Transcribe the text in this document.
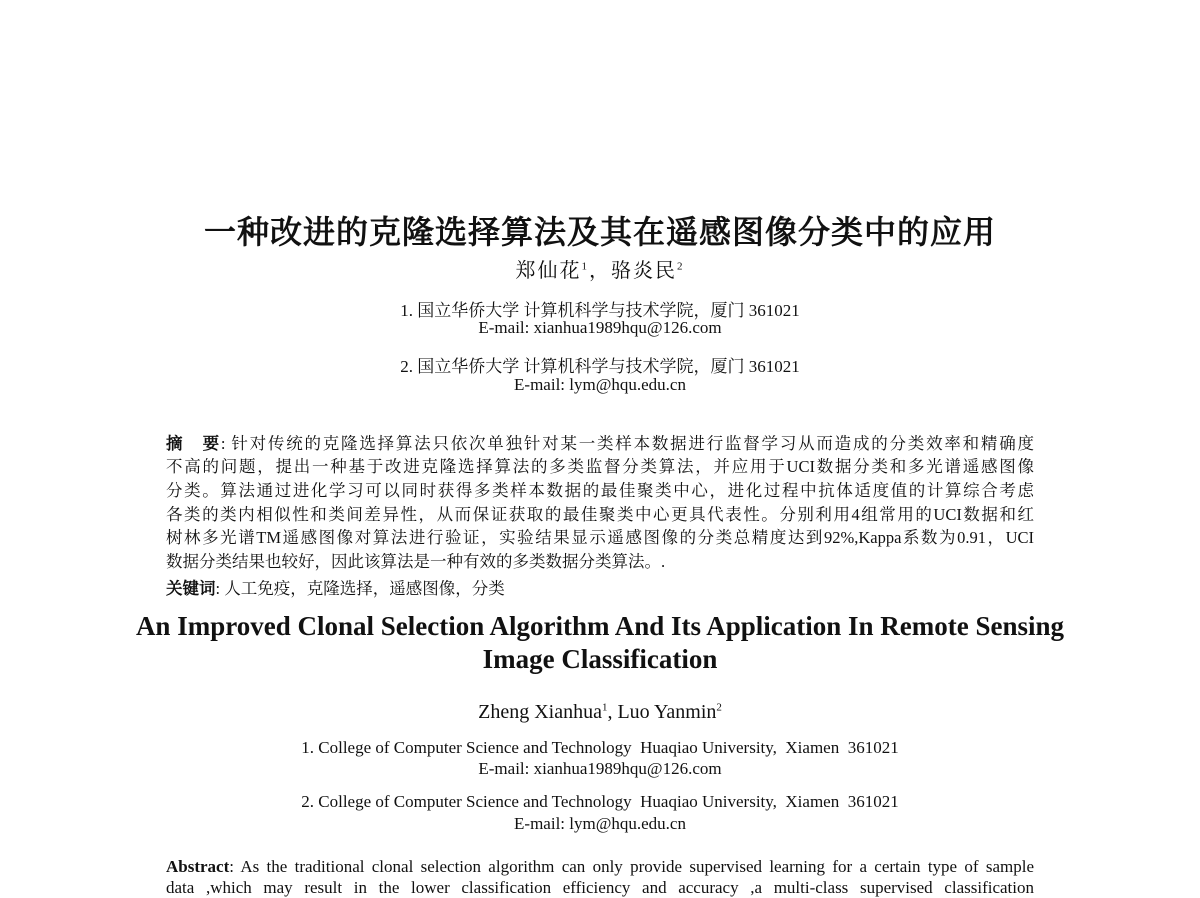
一种改进的克隆选择算法及其在遥感图像分类中的应用
郑仙花$^1$，骆炎民$^2$
1. 国立华侨大学 计算机科学与技术学院，厦门 361021
E-mail: xianhua1989hqu@126.com
2. 国立华侨大学 计算机科学与技术学院，厦门 361021
E-mail: lym@hqu.edu.cn
摘　要: 针对传统的克隆选择算法只依次单独针对某一类样本数据进行监督学习从而造成的分类效率和精确度
不高的问题，提出一种基于改进克隆选择算法的多类监督分类算法，并应用于UCI数据分类和多光谱遥感图像
分类。算法通过进化学习可以同时获得多类样本数据的最佳聚类中心，进化过程中抗体适度值的计算综合考虑
各类的类内相似性和类间差异性，从而保证获取的最佳聚类中心更具代表性。分别利用4组常用的UCI数据和红
树林多光谱TM遥感图像对算法进行验证，实验结果显示遥感图像的分类总精度达到92%,Kappa系数为0.91，UCI
数据分类结果也较好，因此该算法是一种有效的多类数据分类算法。.
关键词: 人工免疫，克隆选择，遥感图像，分类
An Improved Clonal Selection Algorithm And Its Application In Remote Sensing
Image Classification
Zheng Xianhua$^1$, Luo Yanmin$^2$
1. College of Computer Science and Technology  Huaqiao University,  Xiamen  361021
E-mail: xianhua1989hqu@126.com
2. College of Computer Science and Technology  Huaqiao University,  Xiamen  361021
E-mail: lym@hqu.edu.cn
Abstract: As the traditional clonal selection algorithm can only provide supervised learning for a certain type of sample
data ,which may result in the lower classification efficiency and accuracy ,a multi-class supervised classification
